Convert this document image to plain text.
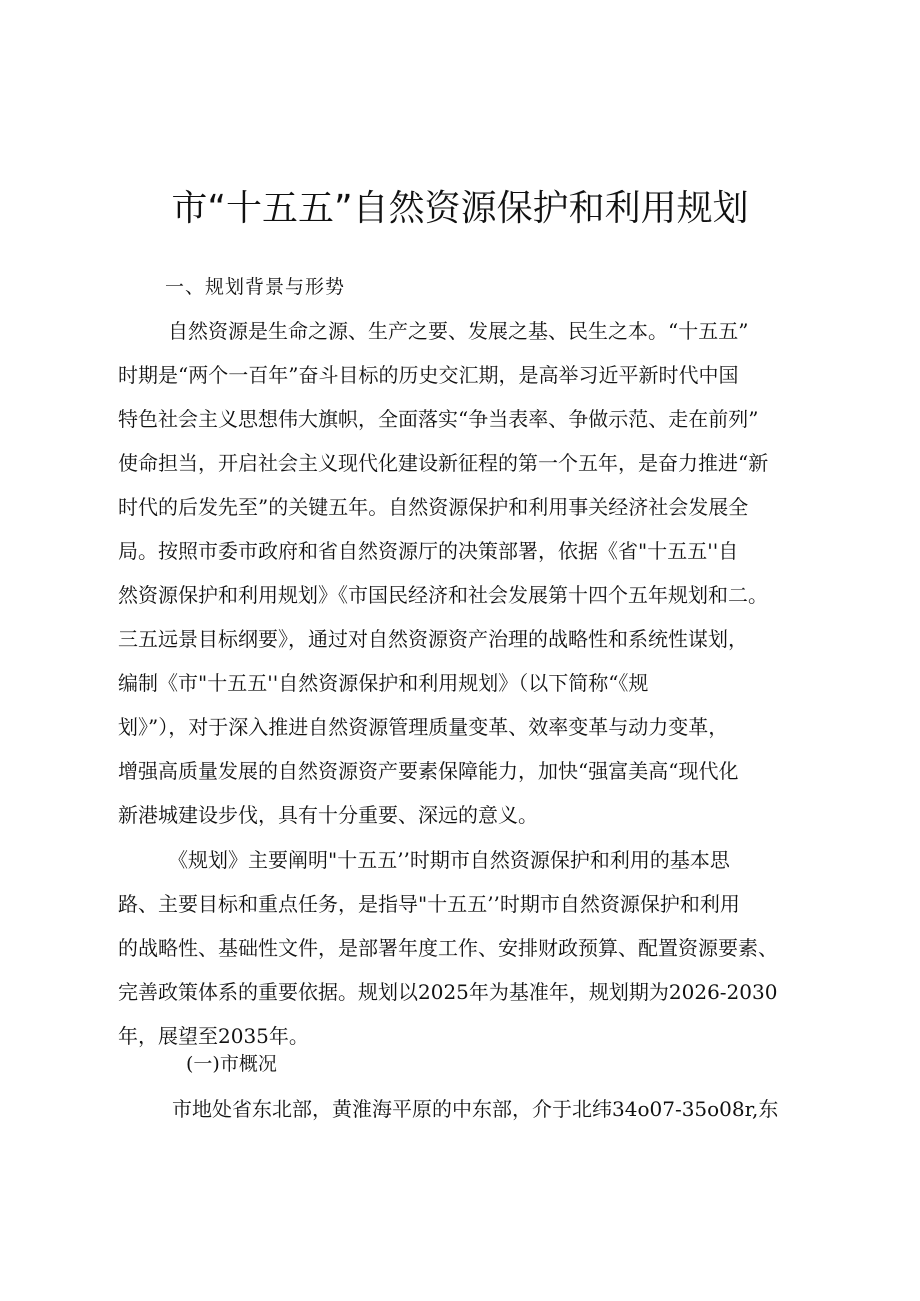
市“十五五”自然资源保护和利用规划
一、规划背景与形势
自然资源是生命之源、生产之要、发展之基、民生之本。“十五五”
时期是“两个一百年”奋斗目标的历史交汇期，是高举习近平新时代中国
特色社会主义思想伟大旗帜，全面落实“争当表率、争做示范、走在前列”
使命担当，开启社会主义现代化建设新征程的第一个五年，是奋力推进“新
时代的后发先至”的关键五年。自然资源保护和利用事关经济社会发展全
局。按照市委市政府和省自然资源厅的决策部署，依据《省"十五五''自
然资源保护和利用规划》《市国民经济和社会发展第十四个五年规划和二。
三五远景目标纲要》，通过对自然资源资产治理的战略性和系统性谋划，
编制《市"十五五''自然资源保护和利用规划》（以下简称“《规
划》”），对于深入推进自然资源管理质量变革、效率变革与动力变革，
增强高质量发展的自然资源资产要素保障能力，加快“强富美高“现代化
新港城建设步伐，具有十分重要、深远的意义。
《规划》主要阐明"十五五’’时期市自然资源保护和利用的基本思
路、主要目标和重点任务，是指导"十五五’’时期市自然资源保护和利用
的战略性、基础性文件，是部署年度工作、安排财政预算、配置资源要素、
完善政策体系的重要依据。规划以2025年为基准年，规划期为2026-2030
年，展望至2035年。
(一)市概况
市地处省东北部，黄淮海平原的中东部，介于北纬34o07-35o08r,东
